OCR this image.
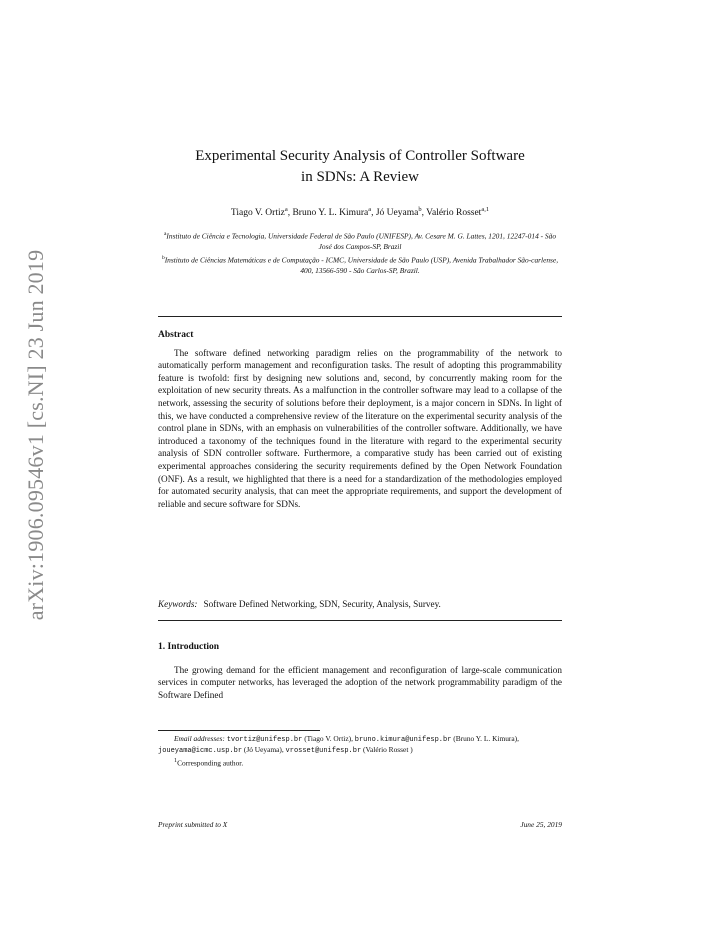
arXiv:1906.09546v1 [cs.NI] 23 Jun 2019
Experimental Security Analysis of Controller Software
in SDNs: A Review
Tiago V. Ortiz$^a$, Bruno Y. L. Kimura$^a$, Jó Ueyama$^b$, Valério Rosset$^{a,1}$
$^a$Instituto de Ciência e Tecnologia, Universidade Federal de São Paulo (UNIFESP), Av. Cesare M. G. Lattes, 1201, 12247-014 - São José dos Campos-SP, Brazil
$^b$Instituto de Ciências Matemáticas e de Computação - ICMC, Universidade de São Paulo (USP), Avenida Trabalhador São-carlense, 400, 13566-590 - São Carlos-SP, Brazil.
Abstract

The software defined networking paradigm relies on the programmability of the network to automatically perform management and reconfiguration tasks. The result of adopting this programmability feature is twofold: first by designing new solutions and, second, by concurrently making room for the exploitation of new security threats. As a malfunction in the controller software may lead to a collapse of the network, assessing the security of solutions before their deployment, is a major concern in SDNs. In light of this, we have conducted a comprehensive review of the literature on the experimental security analysis of the control plane in SDNs, with an emphasis on vulnerabilities of the controller software. Additionally, we have introduced a taxonomy of the techniques found in the literature with regard to the experimental security analysis of SDN controller software. Furthermore, a comparative study has been carried out of existing experimental approaches considering the security requirements defined by the Open Network Foundation (ONF). As a result, we highlighted that there is a need for a standardization of the methodologies employed for automated security analysis, that can meet the appropriate requirements, and support the development of reliable and secure software for SDNs.

Keywords: Software Defined Networking, SDN, Security, Analysis, Survey.
1. Introduction

The growing demand for the efficient management and reconfiguration of large-scale communication services in computer networks, has leveraged the adoption of the network programmability paradigm of the Software Defined

Email addresses: tvortiz@unifesp.br (Tiago V. Ortiz), bruno.kimura@unifesp.br (Bruno Y. L. Kimura), joueyama@icmc.usp.br (Jó Ueyama), vrosset@unifesp.br (Valério Rosset )
$^1$Corresponding author.
Preprint submitted to X	June 25, 2019
